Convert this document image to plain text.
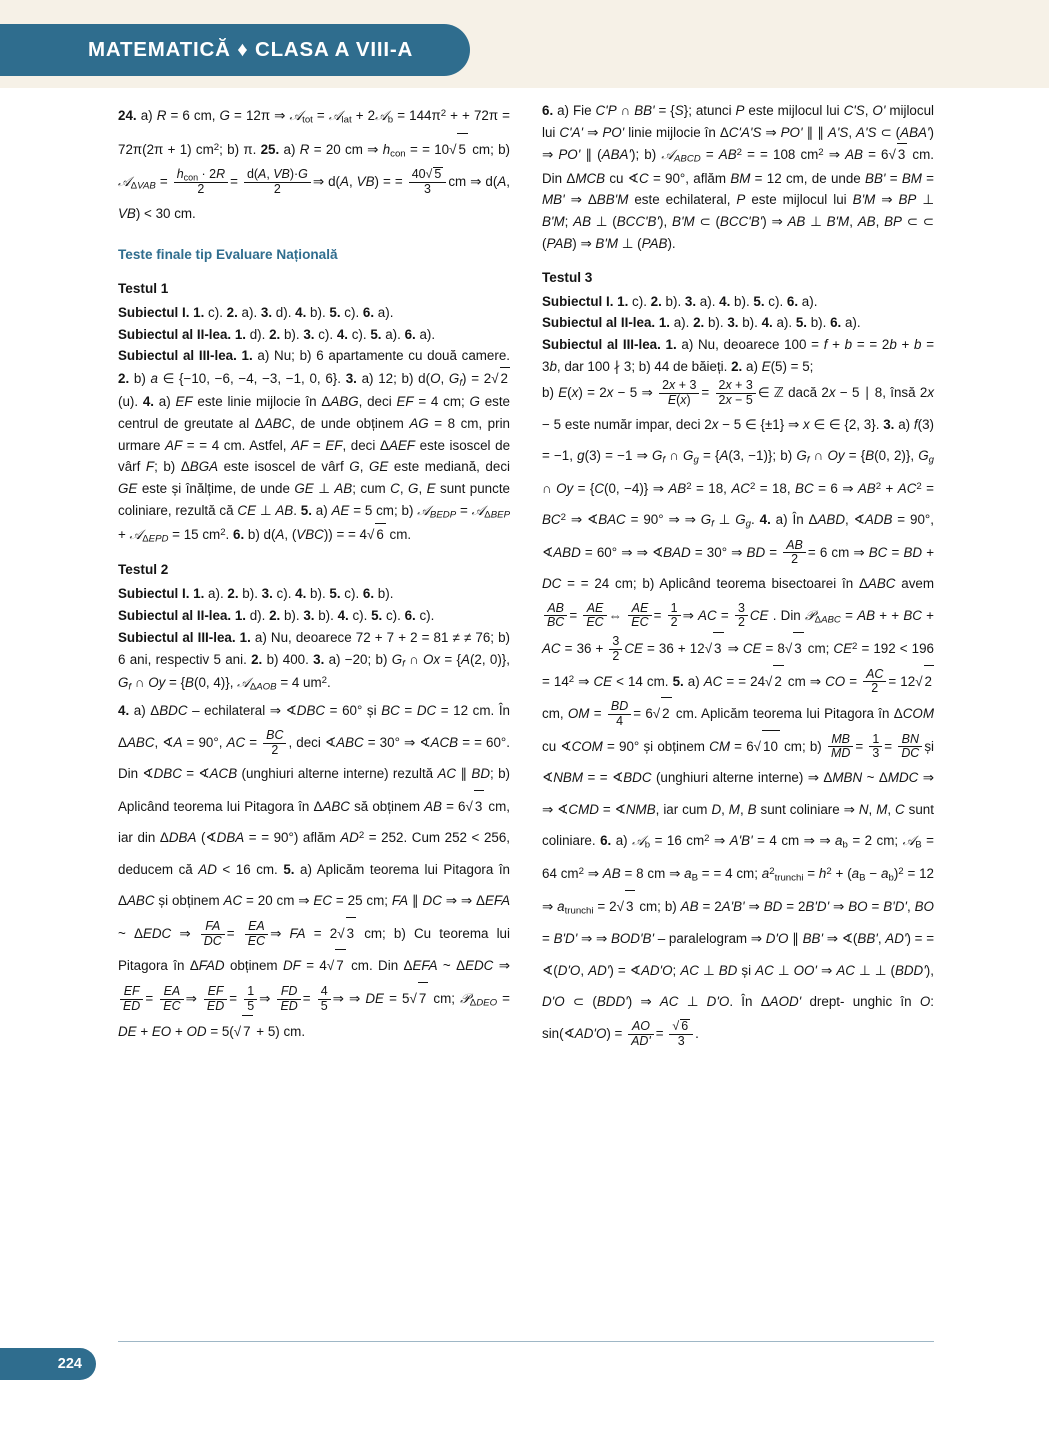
MATEMATICĂ ♦ CLASA A VIII-A

24. a) R = 6 cm, G = 12π ⇒ 𝒜$_{tot}$ = 𝒜$_{lat}$ + 2𝒜$_b$ = $144\pi^2$ + + 72π = 72π(2π + 1) $cm^2$; b) π. 25. a) R = 20 cm ⇒ $h_{con}$ = = 10 √ 5 cm; b) 𝒜$_{\Delta VAB}$ = $\frac{h_{con} \cdot 2R}{2} = \frac{d(A, VB)\cdot G}{2}$ ⇒ d(A, VB) = = $\frac{40 √ 5}{3}$ cm ⇒ d(A, VB) < 30 cm.

Teste finale tip Evaluare Națională

Testul 1

Subiectul I. 1. c). 2. a). 3. d). 4. b). 5. c). 6. a).

Subiectul al II-lea. 1. d). 2. b). 3. c). 4. c). 5. a). 6. a).

Subiectul al III-lea. 1. a) Nu; b) 6 apartamente cu două camere. 2. b) a ∈ {−10, −6, −4, −3, −1, 0, 6}. 3. a) 12; b) d(O, $G_f) = 2√$ 2 (u). 4. a) EF este linie mijlocie în ΔABG, deci EF = 4 cm; G este centrul de greutate al ΔABC, de unde obținem AG = 8 cm, prin urmare AF = = 4 cm. Astfel, AF = EF, deci ΔAEF este isoscel de vârf F; b) ΔBGA este isoscel de vârf G, GE este mediană, deci GE este și înălțime, de unde GE ⊥ AB; cum C, G, E sunt puncte coliniare, rezultă că CE ⊥ AB. 5. a) AE = 5 cm; b) 𝒜$_{BEDP}$ = 𝒜$_{\Delta BEP}$ + 𝒜$_{\Delta EPD}$ = 15 $cm^2$. 6. b) d(A, (VBC)) = = 4 √ 6 cm.

Testul 2

Subiectul I. 1. a). 2. b). 3. c). 4. b). 5. c). 6. b).

Subiectul al II-lea. 1. d). 2. b). 3. b). 4. c). 5. c). 6. c).

Subiectul al III-lea. 1. a) Nu, deoarece 72 + 7 + 2 = 81 ≠ ≠ 76; b) 6 ani, respectiv 5 ani. 2. b) 400. 3. a) −20; b) $G_f$ ∩ Ox = {A(2, 0)}, $G_f$ ∩ Oy = {B(0, 4)}, 𝒜$_{\Delta AOB}$ = 4 $um^2$.

4. a) ΔBDC – echilateral ⇒ ∢DBC = 60° și BC = DC = 12 cm. În ΔABC, ∢A = 90°, AC = $\frac{BC}{2}$ , deci ∢ABC = 30° ⇒ ∢ACB = = 60°. Din ∢DBC = ∢ACB (unghiuri alterne interne) rezultă AC ∥ BD; b) Aplicând teorema lui Pitagora în ΔABC să obținem AB = 6√ 3 cm, iar din ΔDBA (∢DBA = = 90°) aflăm $AD^2 = 252$. Cum 252 < 256, deducem că AD < 16 cm. 5. a) Aplicăm teorema lui Pitagora în ΔABC și obținem AC = 20 cm ⇒ EC = 25 cm; FA ∥ DC ⇒ ⇒ ΔEFA ~ ΔEDC ⇒ $\frac{FA}{DC} = \frac{EA}{EC}$ ⇒ FA = 2 √ 3 cm; b) Cu teorema lui Pitagora în ΔFAD obținem DF = 4 √ 7 cm. Din ΔEFA ~ ΔEDC ⇒
$\frac{EF}{ED} = \frac{EA}{EC}$ ⇒ $\frac{EF}{ED} = \frac{1}{5}$ ⇒ $\frac{FD}{ED} = \frac{4}{5}$ ⇒ ⇒ DE = 5 √ 7 cm; 𝒫$_{\Delta DEO}$ = DE + EO + OD = 5( √ 7 + 5) cm.

6. a) Fie C'P ∩ BB' = {S}; atunci P este mijlocul lui C'S, O' mijlocul lui C'A' ⇒ PO' linie mijlocie în ΔC'A'S ⇒ PO' ∥ ∥ A'S, A'S ⊂ (ABA') ⇒ PO' ∥ (ABA'); b) 𝒜$_{ABCD}$ = $AB^2$ = = 108 $cm^2$ ⇒ AB = 6√ 3 cm. Din ΔMCB cu ∢C = 90°, aflăm BM = 12 cm, de unde BB' = BM = MB' ⇒ ΔBB'M este echilateral, P este mijlocul lui B'M ⇒ BP ⊥ B'M; AB ⊥ (BCC'B'), B'M ⊂ (BCC'B') ⇒ AB ⊥ B'M, AB, BP ⊂ ⊂ (PAB) ⇒ B'M ⊥ (PAB).

Testul 3

Subiectul I. 1. c). 2. b). 3. a). 4. b). 5. c). 6. a).

Subiectul al II-lea. 1. a). 2. b). 3. b). 4. a). 5. b). 6. a).

Subiectul al III-lea. 1. a) Nu, deoarece 100 = f + b = = 2b + b = 3b, dar 100 ∤ 3; b) 44 de băieți. 2. a) E(5) = 5;

b) E(x) = 2x − 5 ⇒ $\frac{2x + 3}{E(x)} = \frac{2x + 3}{2x - 5}$ ∈ ℤ dacă 2x − 5 ∣ 8, însă 2x − 5 este număr impar, deci 2x − 5 ∈ {±1} ⇒ x ∈ ∈ {2, 3}. 3. a) f(3) = −1, g(3) = −1 ⇒ $G_f$ ∩ $G_g = \{A(3$, −1)}; b) $G_f$ ∩ Oy = {B(0, 2)}, $G_g$ ∩ Oy = {C(0, −4)} ⇒ $AB^2 = 18$, $AC^2 = 18$, BC = 6 ⇒ $AB^2 + AC^2 = BC^2$ ⇒ ∢BAC = 90° ⇒ ⇒ $G_f$ ⊥ $G_g$. 4. a) În ΔABD, ∢ADB = 90°, ∢ABD = 60° ⇒ ⇒ ∢BAD = 30° ⇒ BD = $\frac{AB}{2} = 6$ cm ⇒ BC = BD + DC = = 24 cm; b) Aplicând teorema bisectoarei în ΔABC avem
$\frac{AB}{BC} = \frac{AE}{EC}$ ⇔ $\frac{AE}{EC} = \frac{1}{2}$ ⇒ AC = $\frac{3}{2}$ CE . Din 𝒫$_{\Delta ABC}$ = AB + + BC + AC = $36 + \frac{3}{2}$ CE = 36 + 12 √ 3 ⇒ CE = 8 √ 3 cm; $CE^2 = 192 < 196 = 14^2$ ⇒ CE < 14 cm. 5. a) AC = = 24 √ 2 cm ⇒ CO = $\frac{AC}{2} = 12$ √ 2 cm, OM = $\frac{BD}{4} = 6$ √ 2 cm. Aplicăm teorema lui Pitagora în ΔCOM cu ∢COM = 90° și obținem CM = 6 √ 10 cm; $b) \frac{MB}{MD} = \frac{1}{3} = \frac{BN}{DC}$ și ∢NBM = = ∢BDC (unghiuri alterne interne) ⇒ ΔMBN ~ ΔMDC ⇒ ⇒ ∢CMD = ∢NMB, iar cum D, M, B sunt coliniare ⇒ N, M, C sunt coliniare. 6. a) 𝒜$_b$ = 16 $cm^2$ ⇒ A'B' = 4 cm ⇒ ⇒ $a_b = 2$ cm; 𝒜$_B$ = 64 $cm^2$ ⇒ AB = 8 cm ⇒ $a_B$ = = 4 cm; $a^2_{trunchi} = h^2 + (a_B - a_b)^2 = 12$ ⇒ $a_{trunchi} = 2$ √ 3 cm; b) AB = 2A'B' ⇒ BD = 2B'D' ⇒ BO = B'D', BO = B'D' ⇒ ⇒ BOD'B' – paralelogram ⇒ D'O ∥ BB' ⇒ ∢(BB', AD') = = ∢(D'O, AD') = ∢AD'O; AC ⊥ BD și AC ⊥ OO' ⇒ AC ⊥ ⊥ (BDD'), D'O ⊂ (BDD') ⇒ AC ⊥ D'O. În ΔAOD' drept- unghic în O: sin(∢AD'O) = $\frac{AO}{AD'}$ = √ $\frac{6}{3}$ .

224
